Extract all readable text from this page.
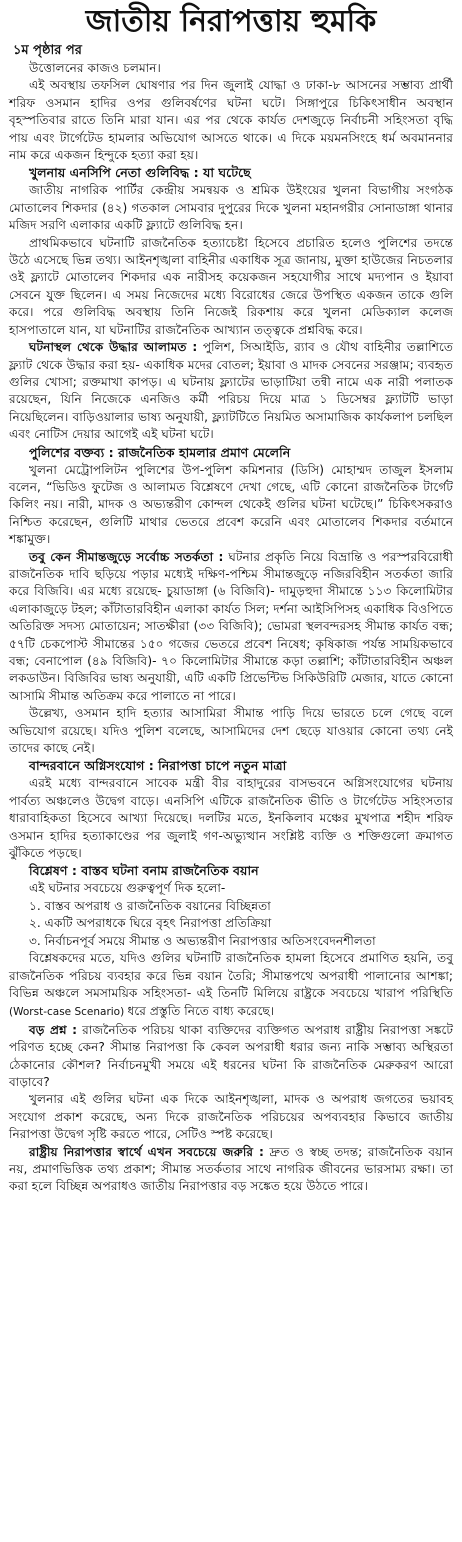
জাতীয় নিরাপত্তায় হুমকি
১ম পৃষ্ঠার পর

উত্তোলনের কাজও চলমান।

এই অবস্থায় তফসিল ঘোষণার পর দিন জুলাই যোদ্ধা ও ঢাকা-৮ আসনের সম্ভাব্য প্রার্থী শরিফ ওসমান হাদির ওপর গুলিবর্ষণের ঘটনা ঘটে। সিঙ্গাপুরে চিকিৎসাধীন অবস্থান বৃহস্পতিবার রাতে তিনি মারা যান। এর পর থেকে কার্যত দেশজুড়ে নির্বাচনী সহিংসতা বৃদ্ধি পায় এবং টার্গেটেড হামলার অভিযোগ আসতে থাকে। এ দিকে ময়মনসিংহে ধর্ম অবমাননার নাম করে একজন হিন্দুকে হত্যা করা হয়।

খুলনায় এনসিপি নেতা গুলিবিদ্ধ : যা ঘটেছে

জাতীয় নাগরিক পার্টির কেন্দ্রীয় সমন্বয়ক ও শ্রমিক উইংয়ের খুলনা বিভাগীয় সংগঠক মোতালেব শিকদার (৪২) গতকাল সোমবার দুপুরের দিকে খুলনা মহানগরীর সোনাডাঙ্গা থানার মজিদ সরণি এলাকার একটি ফ্ল্যাটে গুলিবিদ্ধ হন।

প্রাথমিকভাবে ঘটনাটি রাজনৈতিক হত্যাচেষ্টা হিসেবে প্রচারিত হলেও পুলিশের তদন্তে উঠে এসেছে ভিন্ন তথ্য। আইনশৃঙ্খলা বাহিনীর একাধিক সূত্র জানায়, মুক্তা হাউজের নিচতলার ওই ফ্ল্যাটে মোতালেব শিকদার এক নারীসহ কয়েকজন সহযোগীর সাথে মদ্যপান ও ইয়াবা সেবনে যুক্ত ছিলেন। এ সময় নিজেদের মধ্যে বিরোধের জেরে উপস্থিত একজন তাকে গুলি করে। পরে গুলিবিদ্ধ অবস্থায় তিনি নিজেই রিকশায় করে খুলনা মেডিক্যাল কলেজ হাসপাতালে যান, যা ঘটনাটির রাজনৈতিক আখ্যান তত্ত্বকে প্রশ্নবিদ্ধ করে।

ঘটনাস্থল থেকে উদ্ধার আলামত : পুলিশ, সিআইডি, র‍্যাব ও যৌথ বাহিনীর তল্লাশিতে ফ্ল্যাট থেকে উদ্ধার করা হয়- একাধিক মদের বোতল; ইয়াবা ও মাদক সেবনের সরঞ্জাম; ব্যবহৃত গুলির খোসা; রক্তমাখা কাপড়। এ ঘটনায় ফ্ল্যাটের ভাড়াটিয়া তন্বী নামে এক নারী পলাতক রয়েছেন, যিনি নিজেকে এনজিও কর্মী পরিচয় দিয়ে মাত্র ১ ডিসেম্বর ফ্ল্যাটটি ভাড়া নিয়েছিলেন। বাড়িওয়ালার ভাষ্য অনুযায়ী, ফ্ল্যাটটিতে নিয়মিত অসামাজিক কার্যকলাপ চলছিল এবং নোটিস দেয়ার আগেই এই ঘটনা ঘটে।

পুলিশের বক্তব্য : রাজনৈতিক হামলার প্রমাণ মেলেনি

খুলনা মেট্রোপলিটন পুলিশের উপ-পুলিশ কমিশনার (ডিসি) মোহাম্মদ তাজুল ইসলাম বলেন, “ভিডিও ফুটেজ ও আলামত বিশ্লেষণে দেখা গেছে, এটি কোনো রাজনৈতিক টার্গেট কিলিং নয়। নারী, মাদক ও অভ্যন্তরীণ কোন্দল থেকেই গুলির ঘটনা ঘটেছে।” চিকিৎসকরাও নিশ্চিত করেছেন, গুলিটি মাথার ভেতরে প্রবেশ করেনি এবং মোতালেব শিকদার বর্তমানে শঙ্কামুক্ত।

তবু কেন সীমান্তজুড়ে সর্বোচ্চ সতর্কতা : ঘটনার প্রকৃতি নিয়ে বিভ্রান্তি ও পরস্পরবিরোধী রাজনৈতিক দাবি ছড়িয়ে পড়ার মধ্যেই দক্ষিণ-পশ্চিম সীমান্তজুড়ে নজিরবিহীন সতর্কতা জারি করে বিজিবি। এর মধ্যে রয়েছে- চুয়াডাঙ্গা (৬ বিজিবি)- দামুড়হুদা সীমান্তে ১১৩ কিলোমিটার এলাকাজুড়ে টহল; কাঁটাতারবিহীন এলাকা কার্যত সিল; দর্শনা আইসিপিসহ একাধিক বিওপিতে অতিরিক্ত সদস্য মোতায়েন; সাতক্ষীরা (৩৩ বিজিবি); ভোমরা স্থলবন্দরসহ সীমান্ত কার্যত বন্ধ; ৫৭টি চেকপোস্ট সীমান্তের ১৫০ গজের ভেতরে প্রবেশ নিষেধ; কৃষিকাজ পর্যন্ত সাময়িকভাবে বন্ধ; বেনাপোল (৪৯ বিজিবি)- ৭০ কিলোমিটার সীমান্তে কড়া তল্লাশি; কাঁটাতারবিহীন অঞ্চল লকডাউন। বিজিবির ভাষ্য অনুযায়ী, এটি একটি প্রিভেন্টিভ সিকিউরিটি মেজার, যাতে কোনো আসামি সীমান্ত অতিক্রম করে পালাতে না পারে।

উল্লেখ্য, ওসমান হাদি হত্যার আসামিরা সীমান্ত পাড়ি দিয়ে ভারতে চলে গেছে বলে অভিযোগ রয়েছে। যদিও পুলিশ বলেছে, আসামিদের দেশ ছেড়ে যাওয়ার কোনো তথ্য নেই তাদের কাছে নেই।

বান্দরবানে অগ্নিসংযোগ : নিরাপত্তা চাপে নতুন মাত্রা

এরই মধ্যে বান্দরবানে সাবেক মন্ত্রী বীর বাহাদুরের বাসভবনে অগ্নিসংযোগের ঘটনায় পার্বত্য অঞ্চলেও উদ্বেগ বাড়ে। এনসিপি এটিকে রাজনৈতিক ভীতি ও টার্গেটেড সহিংসতার ধারাবাহিকতা হিসেবে আখ্যা দিয়েছে। দলটির মতে, ইনকিলাব মঞ্চের মুখপাত্র শহীদ শরিফ ওসমান হাদির হত্যাকাণ্ডের পর জুলাই গণ-অভ্যুত্থান সংশ্লিষ্ট ব্যক্তি ও শক্তিগুলো ক্রমাগত ঝুঁকিতে পড়ছে।

বিশ্লেষণ : বাস্তব ঘটনা বনাম রাজনৈতিক বয়ান

এই ঘটনার সবচেয়ে গুরুত্বপূর্ণ দিক হলো-

১. বাস্তব অপরাধ ও রাজনৈতিক বয়ানের বিচ্ছিন্নতা
২. একটি অপরাধকে ঘিরে বৃহৎ নিরাপত্তা প্রতিক্রিয়া
৩. নির্বাচনপূর্ব সময়ে সীমান্ত ও অভ্যন্তরীণ নিরাপত্তার অতিসংবেদনশীলতা

বিশ্লেষকদের মতে, যদিও গুলির ঘটনাটি রাজনৈতিক হামলা হিসেবে প্রমাণিত হয়নি, তবু রাজনৈতিক পরিচয় ব্যবহার করে ভিন্ন বয়ান তৈরি; সীমান্তপথে অপরাধী পালানোর আশঙ্কা; বিভিন্ন অঞ্চলে সমসাময়িক সহিংসতা- এই তিনটি মিলিয়ে রাষ্ট্রকে সবচেয়ে খারাপ পরিস্থিতি (Worst-case Scenario) ধরে প্রস্তুতি নিতে বাধ্য করেছে।

বড় প্রশ্ন : রাজনৈতিক পরিচয় থাকা ব্যক্তিদের ব্যক্তিগত অপরাধ রাষ্ট্রীয় নিরাপত্তা সঙ্কটে পরিণত হচ্ছে কেন? সীমান্ত নিরাপত্তা কি কেবল অপরাধী ধরার জন্য নাকি সম্ভাব্য অস্থিরতা ঠেকানোর কৌশল? নির্বাচনমুখী সময়ে এই ধরনের ঘটনা কি রাজনৈতিক মেরুকরণ আরো বাড়াবে?

খুলনার এই গুলির ঘটনা এক দিকে আইনশৃঙ্খলা, মাদক ও অপরাধ জগতের ভয়াবহ সংযোগ প্রকাশ করেছে, অন্য দিকে রাজনৈতিক পরিচয়ের অপব্যবহার কিভাবে জাতীয় নিরাপত্তা উদ্বেগ সৃষ্টি করতে পারে, সেটিও স্পষ্ট করেছে।

রাষ্ট্রীয় নিরাপত্তার স্বার্থে এখন সবচেয়ে জরুরি : দ্রুত ও স্বচ্ছ তদন্ত; রাজনৈতিক বয়ান নয়, প্রমাণভিত্তিক তথ্য প্রকাশ; সীমান্ত সতর্কতার সাথে নাগরিক জীবনের ভারসাম্য রক্ষা। তা করা হলে বিচ্ছিন্ন অপরাধও জাতীয় নিরাপত্তার বড় সঙ্কেত হয়ে উঠতে পারে।
